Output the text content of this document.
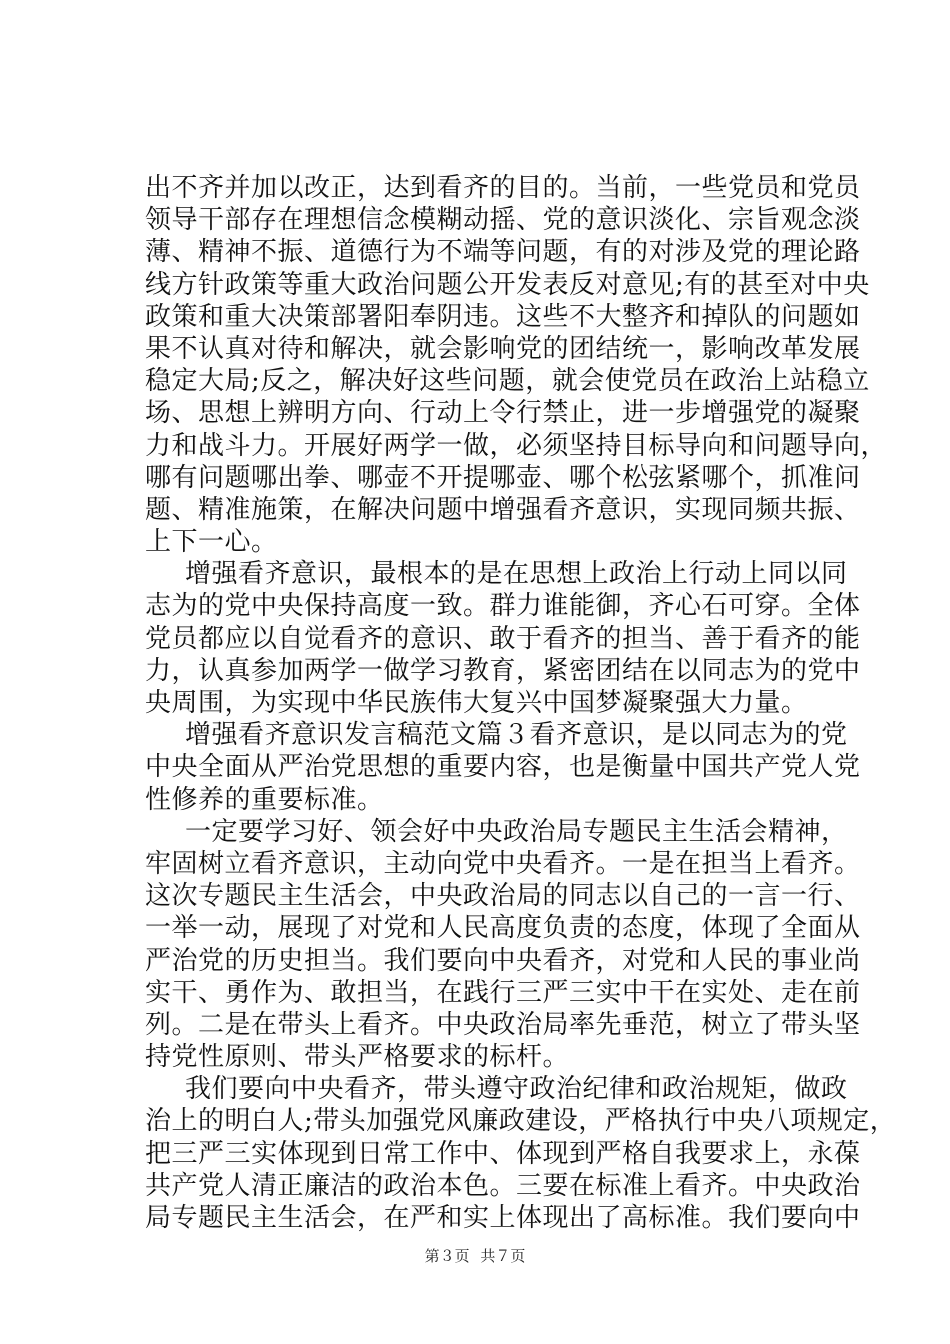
出不齐并加以改正，达到看齐的目的。当前，一些党员和党员
领导干部存在理想信念模糊动摇、党的意识淡化、宗旨观念淡
薄、精神不振、道德行为不端等问题，有的对涉及党的理论路
线方针政策等重大政治问题公开发表反对意见;有的甚至对中央
政策和重大决策部署阳奉阴违。这些不大整齐和掉队的问题如
果不认真对待和解决，就会影响党的团结统一，影响改革发展
稳定大局;反之，解决好这些问题，就会使党员在政治上站稳立
场、思想上辨明方向、行动上令行禁止，进一步增强党的凝聚
力和战斗力。开展好两学一做，必须坚持目标导向和问题导向，
哪有问题哪出拳、哪壶不开提哪壶、哪个松弦紧哪个，抓准问
题、精准施策，在解决问题中增强看齐意识，实现同频共振、
上下一心。
增强看齐意识，最根本的是在思想上政治上行动上同以同
志为的党中央保持高度一致。群力谁能御，齐心石可穿。全体
党员都应以自觉看齐的意识、敢于看齐的担当、善于看齐的能
力，认真参加两学一做学习教育，紧密团结在以同志为的党中
央周围，为实现中华民族伟大复兴中国梦凝聚强大力量。
增强看齐意识发言稿范文篇３看齐意识，是以同志为的党
中央全面从严治党思想的重要内容，也是衡量中国共产党人党
性修养的重要标准。
一定要学习好、领会好中央政治局专题民主生活会精神，
牢固树立看齐意识，主动向党中央看齐。一是在担当上看齐。
这次专题民主生活会，中央政治局的同志以自己的一言一行、
一举一动，展现了对党和人民高度负责的态度，体现了全面从
严治党的历史担当。我们要向中央看齐，对党和人民的事业尚
实干、勇作为、敢担当，在践行三严三实中干在实处、走在前
列。二是在带头上看齐。中央政治局率先垂范，树立了带头坚
持党性原则、带头严格要求的标杆。
我们要向中央看齐，带头遵守政治纪律和政治规矩，做政
治上的明白人;带头加强党风廉政建设，严格执行中央八项规定，
把三严三实体现到日常工作中、体现到严格自我要求上，永葆
共产党人清正廉洁的政治本色。三要在标准上看齐。中央政治
局专题民主生活会，在严和实上体现出了高标准。我们要向中
第３页 共７页
